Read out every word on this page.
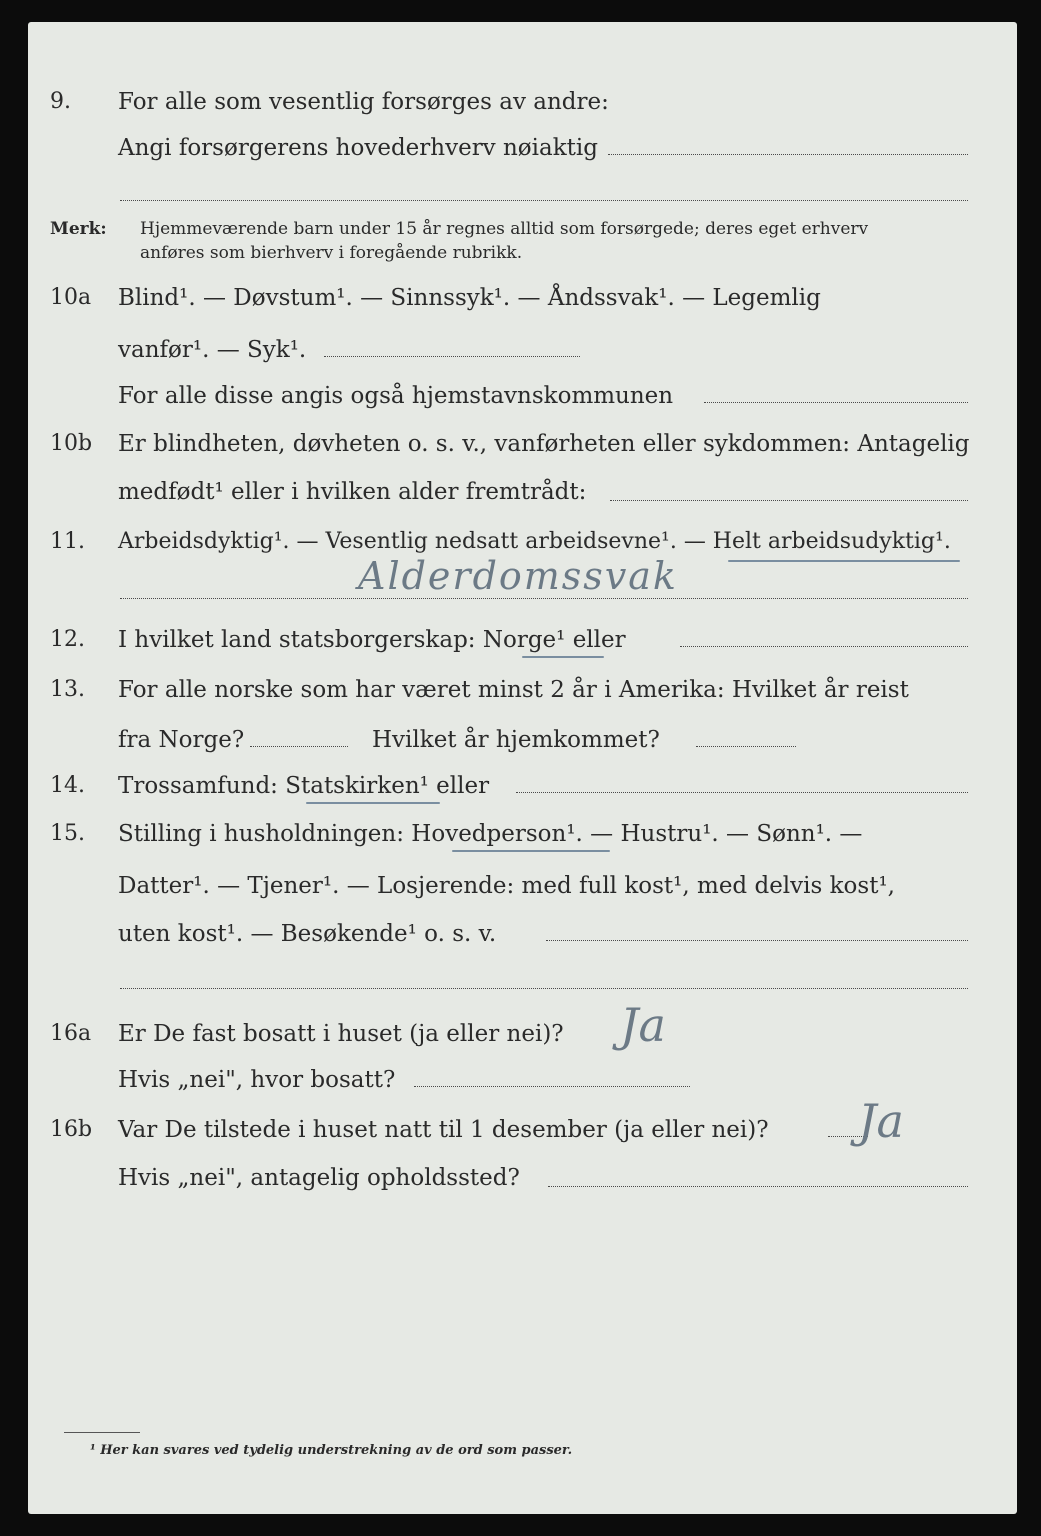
9. For alle som vesentlig forsørges av andre:
Angi forsørgerens hovederhverv nøiaktig
Merk: Hjemmeværende barn under 15 år regnes alltid som forsørgede; deres eget erhverv
anføres som bierhverv i foregående rubrikk.
10a Blind¹. — Døvstum¹. — Sinnssyk¹. — Åndssvak¹. — Legemlig
vanfør¹. — Syk¹.
For alle disse angis også hjemstavnskommunen
10b Er blindheten, døvheten o. s. v., vanførheten eller sykdommen: Antagelig
medfødt¹ eller i hvilken alder fremtrådt:
11. Arbeidsdyktig¹. — Vesentlig nedsatt arbeidsevne¹. — Helt arbeidsudyktig¹.
Alderdomssvak
12. I hvilket land statsborgerskap: Norge¹ eller
13. For alle norske som har været minst 2 år i Amerika: Hvilket år reist
fra Norge?	Hvilket år hjemkommet?
14. Trossamfund: Statskirken¹ eller
15. Stilling i husholdningen: Hovedperson¹. — Hustru¹. — Sønn¹. —
Datter¹. — Tjener¹. — Losjerende: med full kost¹, med delvis kost¹,
uten kost¹. — Besøkende¹ o. s. v.
16a Er De fast bosatt i huset (ja eller nei)? Ja
Hvis „nei", hvor bosatt?
16b Var De tilstede i huset natt til 1 desember (ja eller nei)? Ja
Hvis „nei", antagelig opholdssted?
¹ Her kan svares ved tydelig understrekning av de ord som passer.
